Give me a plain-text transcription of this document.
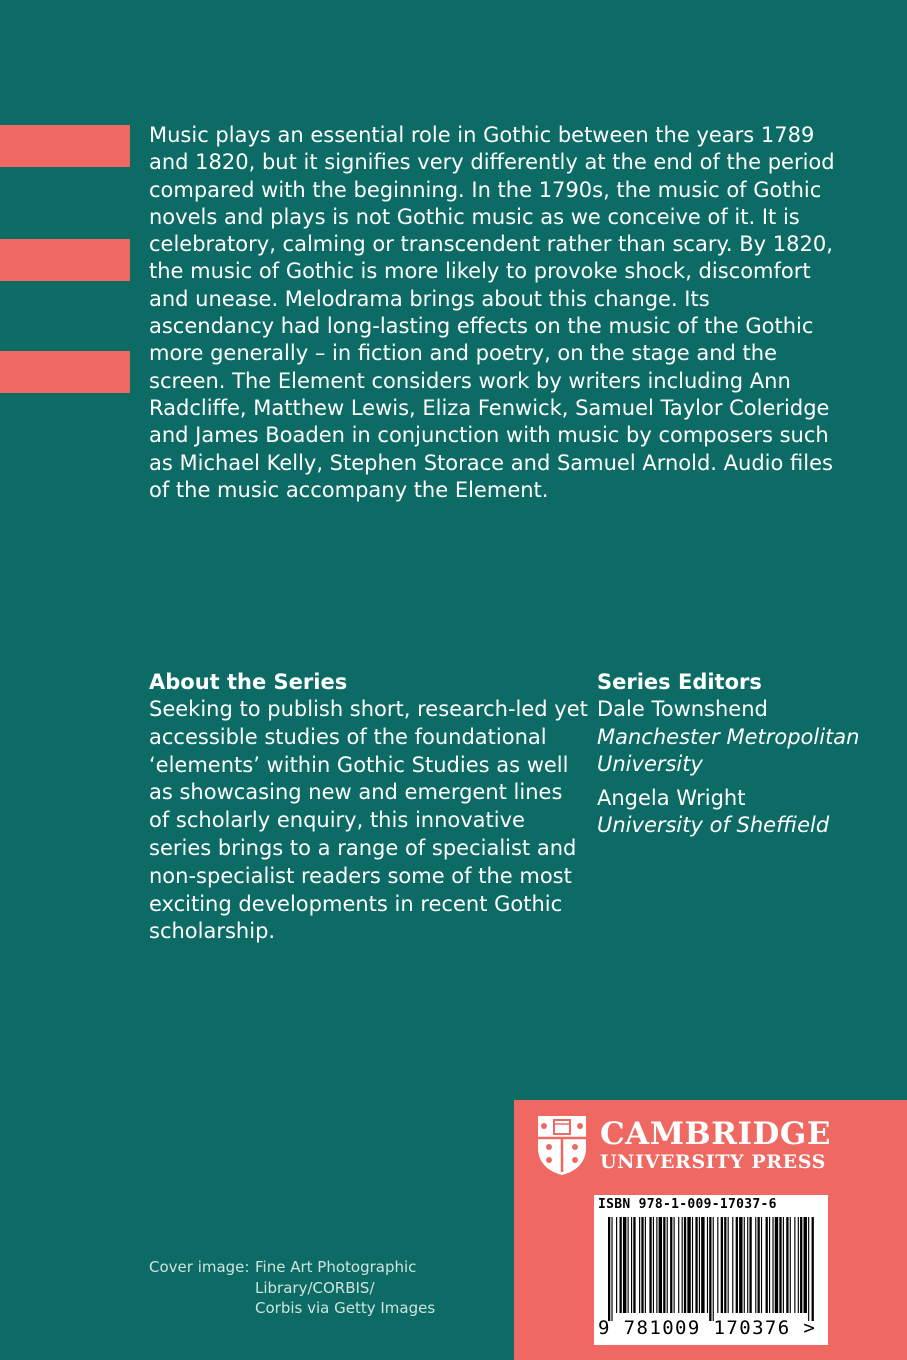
Music plays an essential role in Gothic between the years 1789 and 1820, but it signifies very differently at the end of the period compared with the beginning. In the 1790s, the music of Gothic novels and plays is not Gothic music as we conceive of it. It is celebratory, calming or transcendent rather than scary. By 1820, the music of Gothic is more likely to provoke shock, discomfort and unease. Melodrama brings about this change. Its ascendancy had long-lasting effects on the music of the Gothic more generally – in fiction and poetry, on the stage and the screen. The Element considers work by writers including Ann Radcliffe, Matthew Lewis, Eliza Fenwick, Samuel Taylor Coleridge and James Boaden in conjunction with music by composers such as Michael Kelly, Stephen Storace and Samuel Arnold. Audio files of the music accompany the Element.

About the Series

Seeking to publish short, research-led yet accessible studies of the foundational ‘elements’ within Gothic Studies as well as showcasing new and emergent lines of scholarly enquiry, this innovative series brings to a range of specialist and non-specialist readers some of the most exciting developments in recent Gothic scholarship.

Series Editors
Dale Townshend
Manchester Metropolitan University
Angela Wright
University of Sheffield
Cover image: Fine Art Photographic
Library/CORBIS/
Corbis via Getty Images
CAMBRIDGE
UNIVERSITY PRESS
ISBN 978-1-009-17037-6
9 781009 170376 >
